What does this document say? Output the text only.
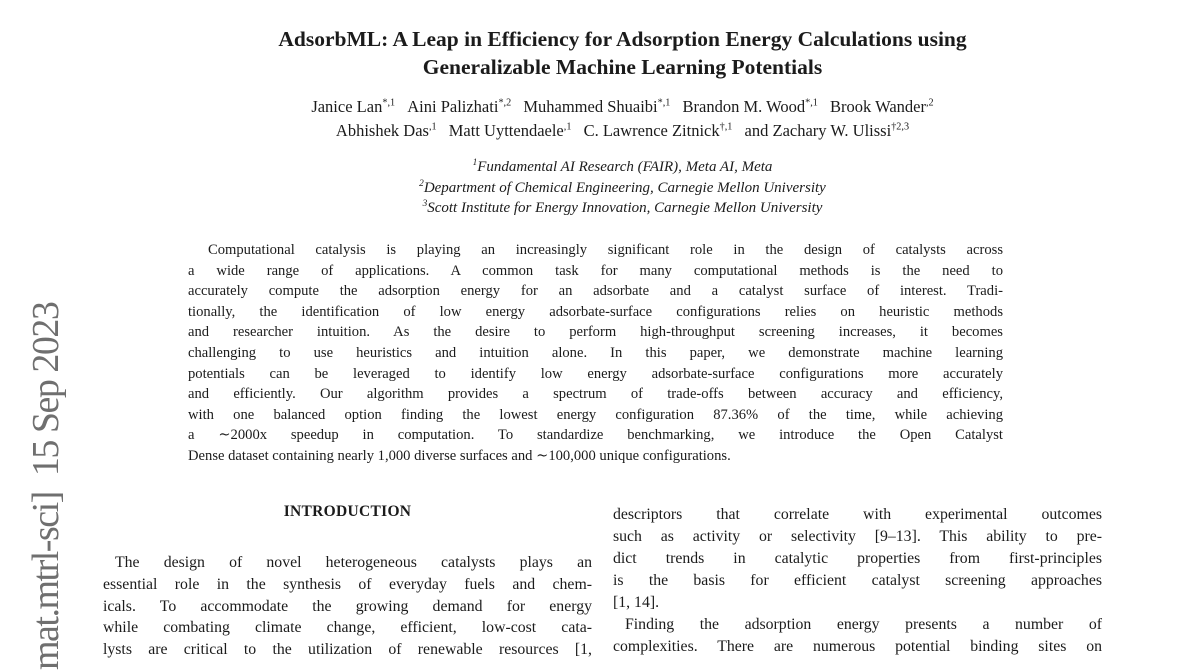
mat.mtrl-sci]  15 Sep 2023
AdsorbML: A Leap in Efficiency for Adsorption Energy Calculations using
Generalizable Machine Learning Potentials
Janice Lan$^{*,1}$ Aini Palizhati$^{*,2}$ Muhammed Shuaibi$^{*,1}$ Brandon M. Wood$^{*,1}$ Brook Wander$^{,2}$
Abhishek Das$^{,1}$ Matt Uyttendaele$^{,1}$ C. Lawrence Zitnick$^{\dagger,1}$ and Zachary W. Ulissi$^{\dagger 2,3}$
$^1$Fundamental AI Research (FAIR), Meta AI, Meta
$^2$Department of Chemical Engineering, Carnegie Mellon University
$^3$Scott Institute for Energy Innovation, Carnegie Mellon University
Computational catalysis is playing an increasingly significant role in the design of catalysts across
a wide range of applications. A common task for many computational methods is the need to
accurately compute the adsorption energy for an adsorbate and a catalyst surface of interest. Tradi-
tionally, the identification of low energy adsorbate-surface configurations relies on heuristic methods
and researcher intuition. As the desire to perform high-throughput screening increases, it becomes
challenging to use heuristics and intuition alone. In this paper, we demonstrate machine learning
potentials can be leveraged to identify low energy adsorbate-surface configurations more accurately
and efficiently. Our algorithm provides a spectrum of trade-offs between accuracy and efficiency,
with one balanced option finding the lowest energy configuration 87.36% of the time, while achieving
a ∼2000x speedup in computation. To standardize benchmarking, we introduce the Open Catalyst
Dense dataset containing nearly 1,000 diverse surfaces and ∼100,000 unique configurations.
INTRODUCTION
The design of novel heterogeneous catalysts plays an
essential role in the synthesis of everyday fuels and chem-
icals. To accommodate the growing demand for energy
while combating climate change, efficient, low-cost cata-
lysts are critical to the utilization of renewable resources [1,
descriptors that correlate with experimental outcomes
such as activity or selectivity [9–13]. This ability to pre-
dict trends in catalytic properties from first-principles
is the basis for efficient catalyst screening approaches
[1, 14].
Finding the adsorption energy presents a number of
complexities. There are numerous potential binding sites on
